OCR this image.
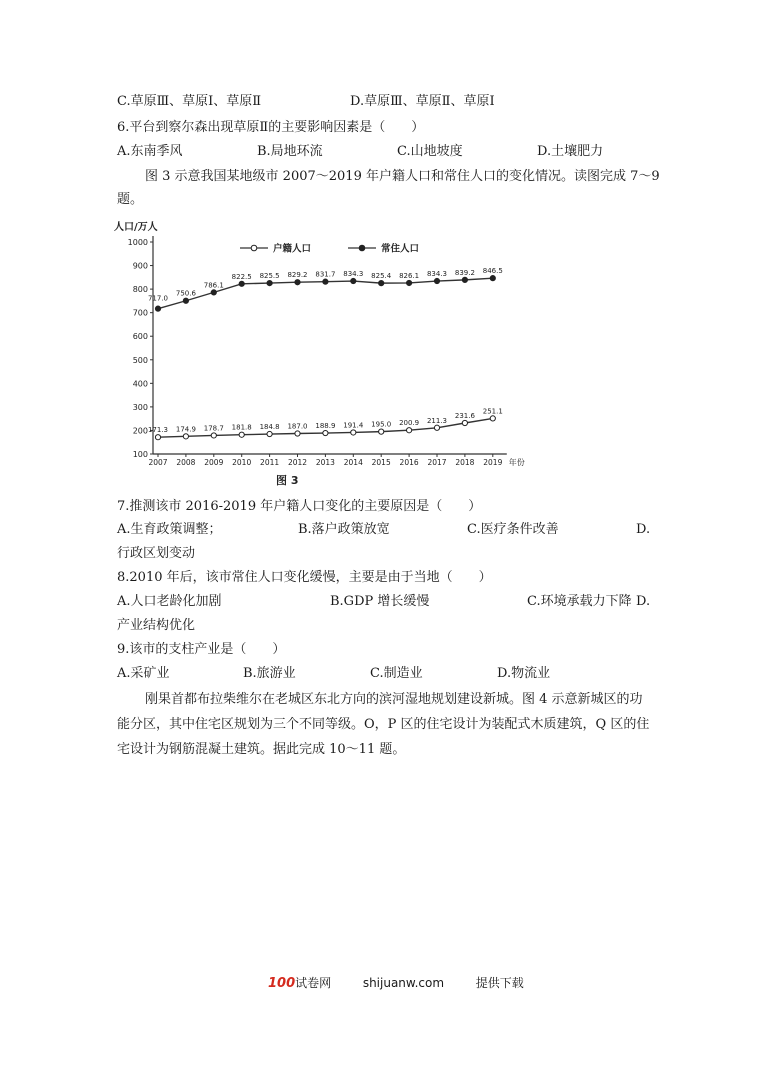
C.草原Ⅲ、草原Ⅰ、草原Ⅱ	D.草原Ⅲ、草原Ⅱ、草原Ⅰ
6.平台到察尔森出现草原Ⅱ的主要影响因素是（　　）
A.东南季风	B.局地环流	C.山地坡度	D.土壤肥力
图 3 示意我国某地级市 2007～2019 年户籍人口和常住人口的变化情况。读图完成 7～9
题。
人口/万人
100
200
300
400
500
600
700
800
900
1000
2007 2008 2009 2010 2011 2012 2013 2014 2015 2016 2017 2018 2019 年份
图 3
户籍人口	常住人口
171.3 174.9 178.7 181.8 184.8 187.0 188.9 191.4 195.0 200.9 211.3
231.6
251.1
717.0
750.6
786.1
822.5 825.5 829.2 831.7 834.3 825.4 826.1 834.3 839.2 846.5
7.推测该市 2016-2019 年户籍人口变化的主要原因是（　　）
A.生育政策调整；	B.落户政策放宽	C.医疗条件改善	D.
行政区划变动
8.2010 年后，该市常住人口变化缓慢，主要是由于当地（　　）
A.人口老龄化加剧	B.GDP 增长缓慢	C.环境承载力下降 D.
产业结构优化
9.该市的支柱产业是（　　）
A.采矿业	B.旅游业	C.制造业	D.物流业
刚果首都布拉柴维尔在老城区东北方向的滨河湿地规划建设新城。图 4 示意新城区的功
能分区，其中住宅区规划为三个不同等级。O，P 区的住宅设计为装配式木质建筑，Q 区的住
宅设计为钢筋混凝土建筑。据此完成 10～11 题。
100试卷网	shijuanw.com	提供下载
